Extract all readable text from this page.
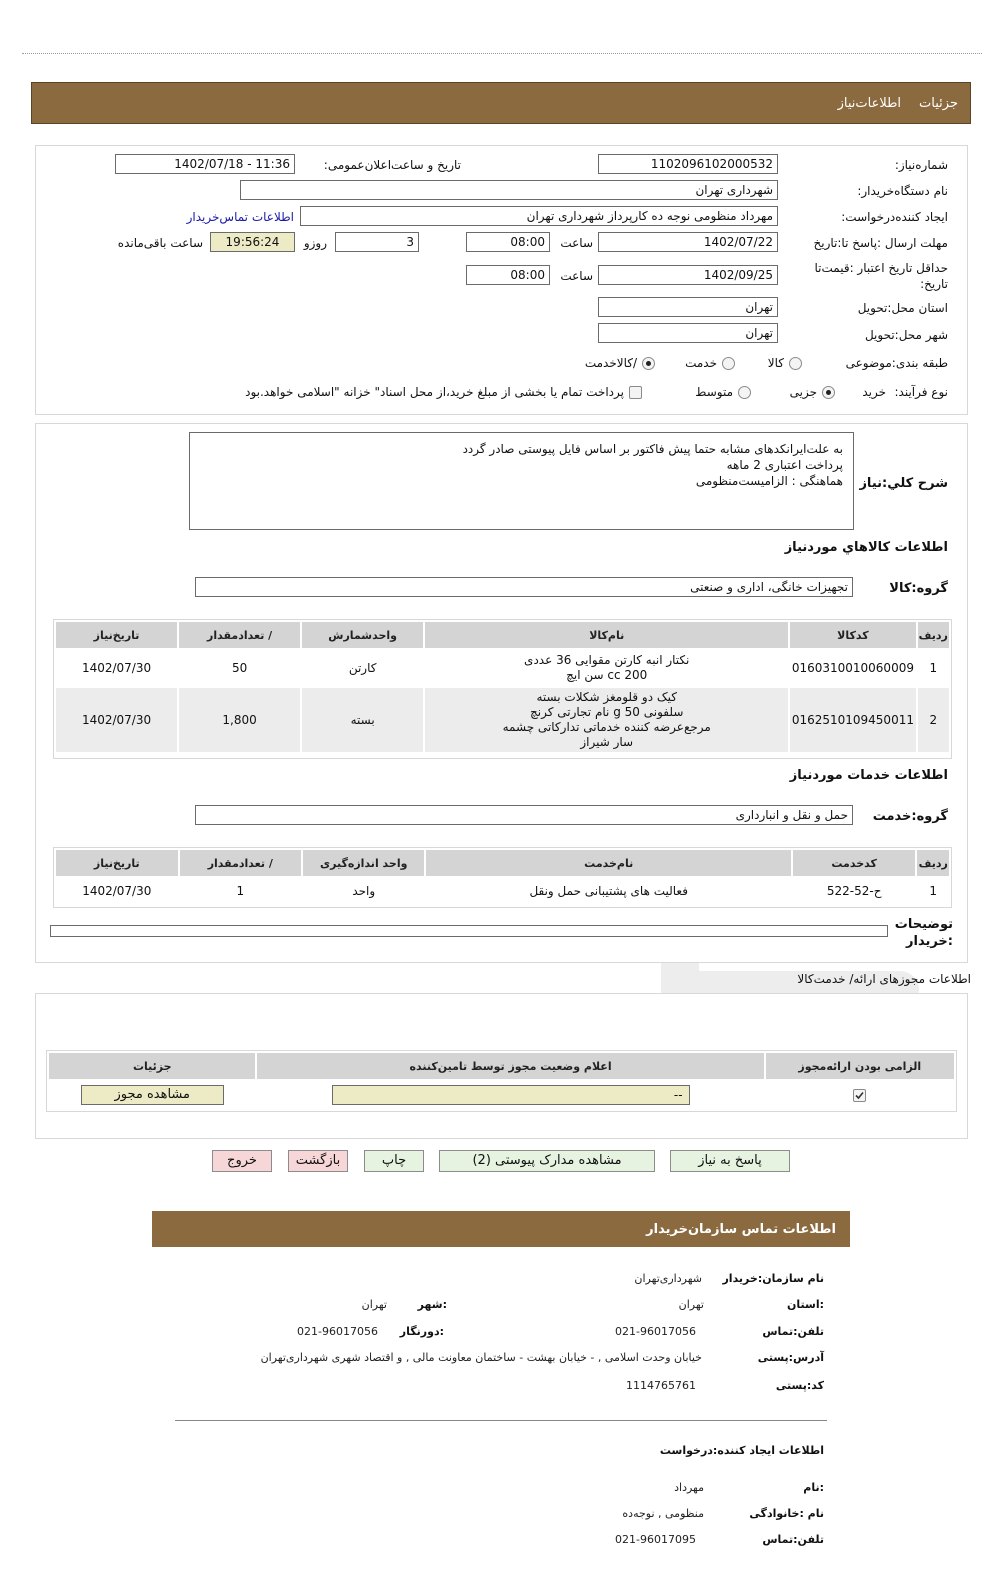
جزئیات
اطلاعات‌نیاز
شماره‌نیاز:
1102096102000532
تاریخ و ساعت‌اعلان‌عمومی:
1402/07/18 - 11:36
نام دستگاه‌خریدار:
شهرداری تهران
ایجاد کننده‌درخواست:
مهرداد منظومی نوجه ده کارپرداز شهرداری تهران
اطلاعات تماس‌خریدار
مهلت ارسال :پاسخ تا:تاریخ
1402/07/22
ساعت
08:00
3
روزو
19:56:24
ساعت باقی‌مانده
حداقل تاریخ اعتبار :قیمت‌تا تاریخ:
1402/09/25
ساعت
08:00
استان محل:تحویل
تهران
شهر محل:تحویل
تهران
طبقه بندی:موضوعی
کالا
خدمت
/کالاخدمت
نوع فرآیند:
خرید
جزیی
متوسط
پرداخت تمام یا بخشی از مبلغ خرید،از محل اسناد" خزانه "اسلامی خواهد.بود
شرح کلي:نياز
به علت‌ایرانکدهای مشابه حتما پیش فاکتور بر اساس فایل پیوستی صادر گردد
پرداخت اعتباری 2 ماهه
هماهنگی : الزامیست‌منظومی
اطلاعات کالاهاي موردنياز
گروه:کالا
تجهیزات خانگی، اداری و صنعتی
ردیف	کدکالا	نام‌کالا	واحدشمارش	/ تعدادمقدار	تاریخ‌نیاز
1	0160310010060009	نکتار انبه کارتن مقوایی 36 عددی
200 cc سن ایچ	کارتن	50	1402/07/30
2	0162510109450011	کیک دو قلومغز شکلات بسته
سلفونی 50 g نام تجارتی کرنچ
مرجع‌عرضه کننده خدماتی تدارکاتی چشمه
سار شیراز	بسته	1,800	1402/07/30
اطلاعات خدمات موردنياز
گروه:خدمت
حمل و نقل و انبارداری
ردیف	کدخدمت	نام‌خدمت	واحد اندازه‌گیری	/ تعدادمقدار	تاریخ‌نیاز
1	ح-52-522	فعالیت های پشتیبانی حمل ونقل	واحد	1	1402/07/30
توضیحات :خریدار
اطلاعات مجوزهای ارائه/ خدمت‌کالا
الزامی بودن ارائه‌مجوز	اعلام وضعیت مجوز توسط تامین‌کننده	جزئیات

--	مشاهده مجوز
پاسخ به نیاز
مشاهده مدارک پیوستی (2)
چاپ
بازگشت
خروج
اطلاعات تماس سازمان‌خریدار
نام سازمان:خریدار
شهرداری‌تهران
:استان
تهران
:شهر
تهران
تلفن:تماس
021-96017056
:دورنگار
021-96017056
آدرس:پستی
خیابان وحدت اسلامی , - خیابان بهشت - ساختمان معاونت مالی , و اقتصاد شهری شهرداری‌تهران
کد:پستی
1114765761
اطلاعات ایجاد کننده:درخواست
:نام
مهرداد
نام :خانوادگی
منظومی , نوجه‌ده
تلفن:تماس
021-96017095
